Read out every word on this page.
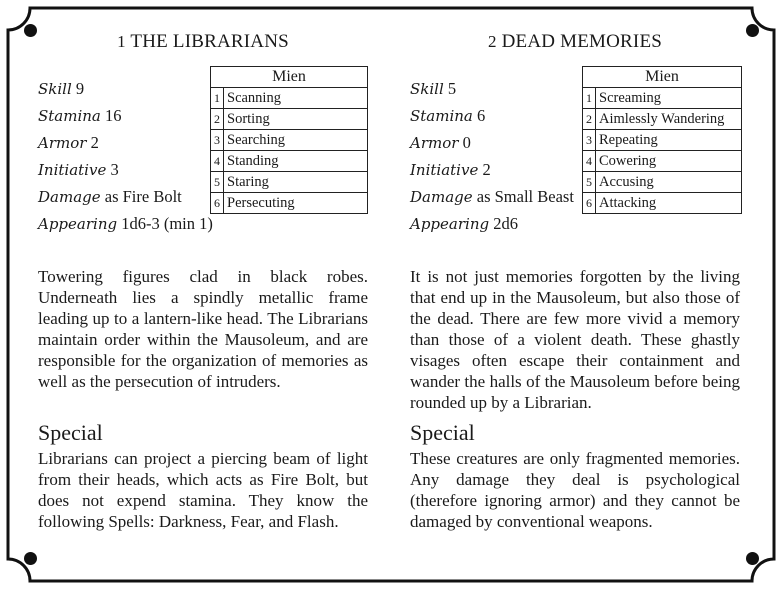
1 THE LIBRARIANS
Skill 9
Stamina 16
Armor 2
Initiative 3
Damage as Fire Bolt
Appearing 1d6-3 (min 1)
Mien	
1	Scanning
2	Sorting
3	Searching
4	Standing
5	Staring
6	Persecuting
Towering figures clad in black robes. Underneath lies a spindly metallic frame leading up to a lantern-like head. The Librarians maintain order within the Mausoleum, and are responsible for the organization of memories as well as the persecution of intruders.
Special
Librarians can project a piercing beam of light from their heads, which acts as Fire Bolt, but does not expend stamina. They know the following Spells: Darkness, Fear, and Flash.
2 DEAD MEMORIES
Skill 5
Stamina 6
Armor 0
Initiative 2
Damage as Small Beast
Appearing 2d6
Mien	
1	Screaming
2	Aimlessly Wandering
3	Repeating
4	Cowering
5	Accusing
6	Attacking
It is not just memories forgotten by the living that end up in the Mausoleum, but also those of the dead. There are few more vivid a memory than those of a violent death. These ghastly visages often escape their containment and wander the halls of the Mausoleum before being rounded up by a Librarian.
Special
These creatures are only fragmented memories. Any damage they deal is psychological (therefore ignoring armor) and they cannot be damaged by conventional weapons.
